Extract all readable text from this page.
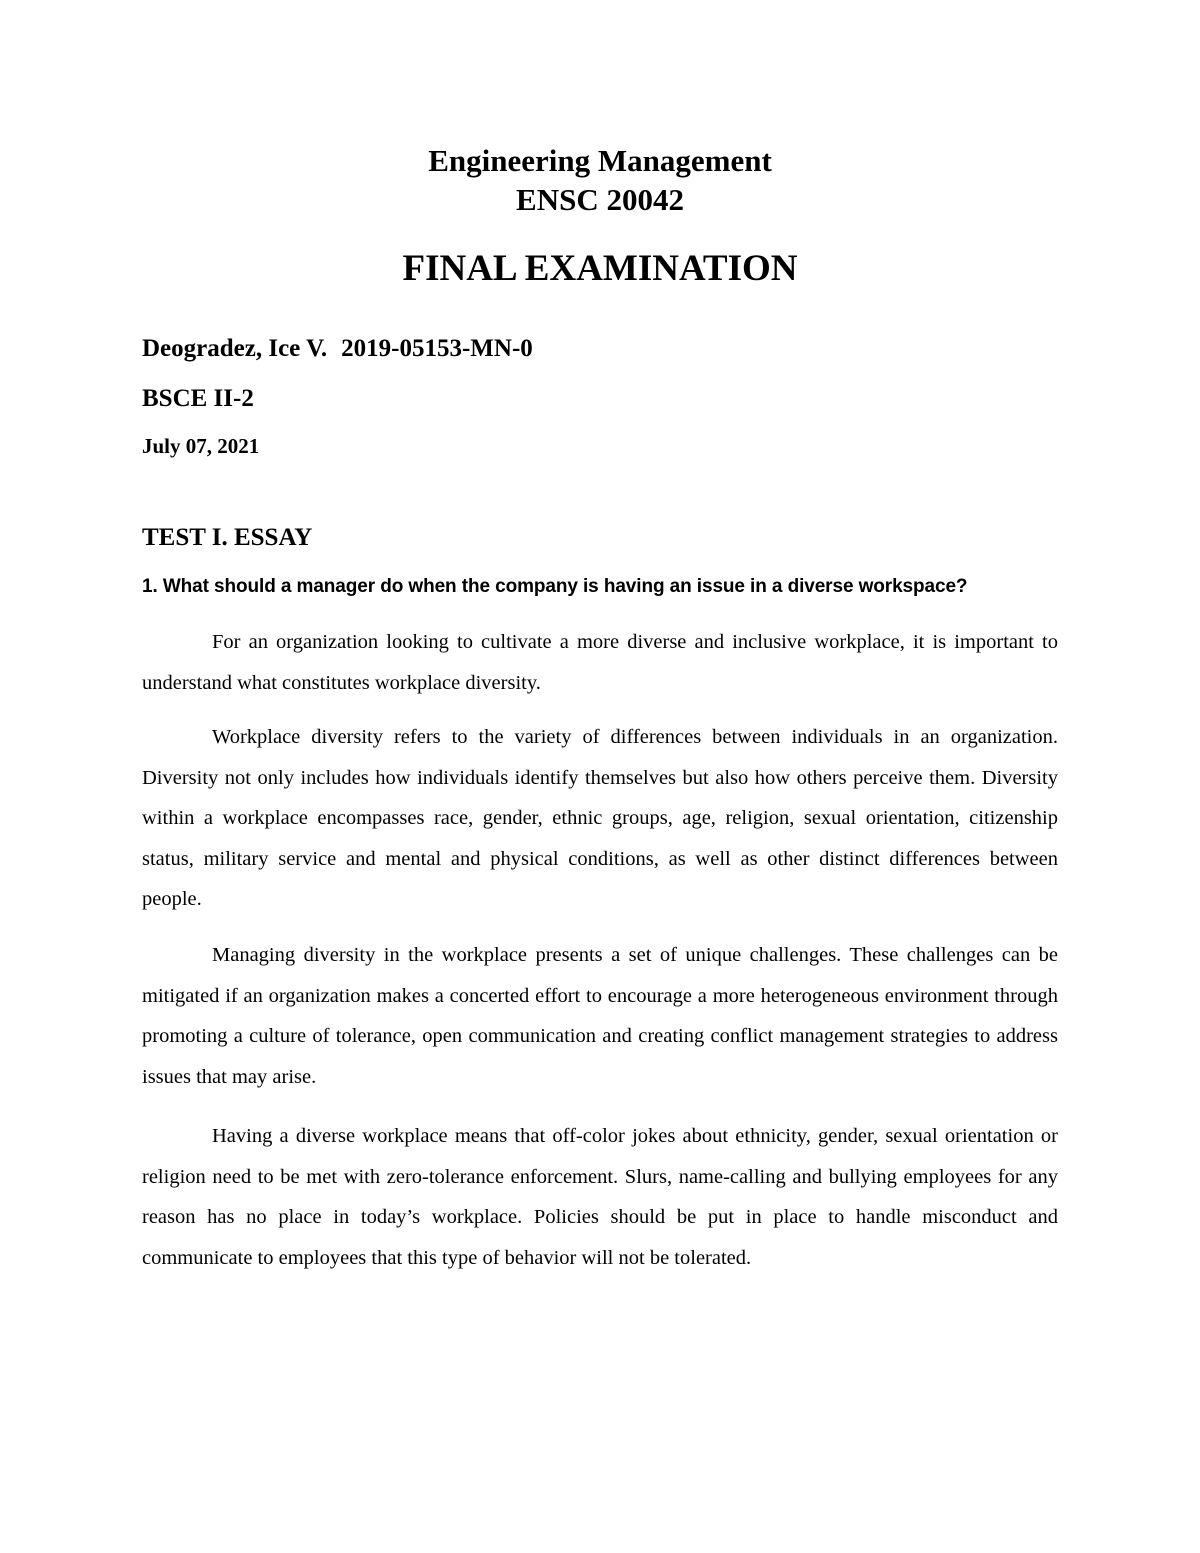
Engineering Management
ENSC 20042
FINAL EXAMINATION
Deogradez, Ice V. 2019-05153-MN-0
BSCE II-2
July 07, 2021
TEST I. ESSAY
1. What should a manager do when the company is having an issue in a diverse workspace?

For an organization looking to cultivate a more diverse and inclusive workplace, it is important to understand what constitutes workplace diversity.

Workplace diversity refers to the variety of differences between individuals in an organization. Diversity not only includes how individuals identify themselves but also how others perceive them. Diversity within a workplace encompasses race, gender, ethnic groups, age, religion, sexual orientation, citizenship status, military service and mental and physical conditions, as well as other distinct differences between people.

Managing diversity in the workplace presents a set of unique challenges. These challenges can be mitigated if an organization makes a concerted effort to encourage a more heterogeneous environment through promoting a culture of tolerance, open communication and creating conflict management strategies to address issues that may arise.

Having a diverse workplace means that off-color jokes about ethnicity, gender, sexual orientation or religion need to be met with zero-tolerance enforcement. Slurs, name-calling and bullying employees for any reason has no place in today’s workplace. Policies should be put in place to handle misconduct and communicate to employees that this type of behavior will not be tolerated.
